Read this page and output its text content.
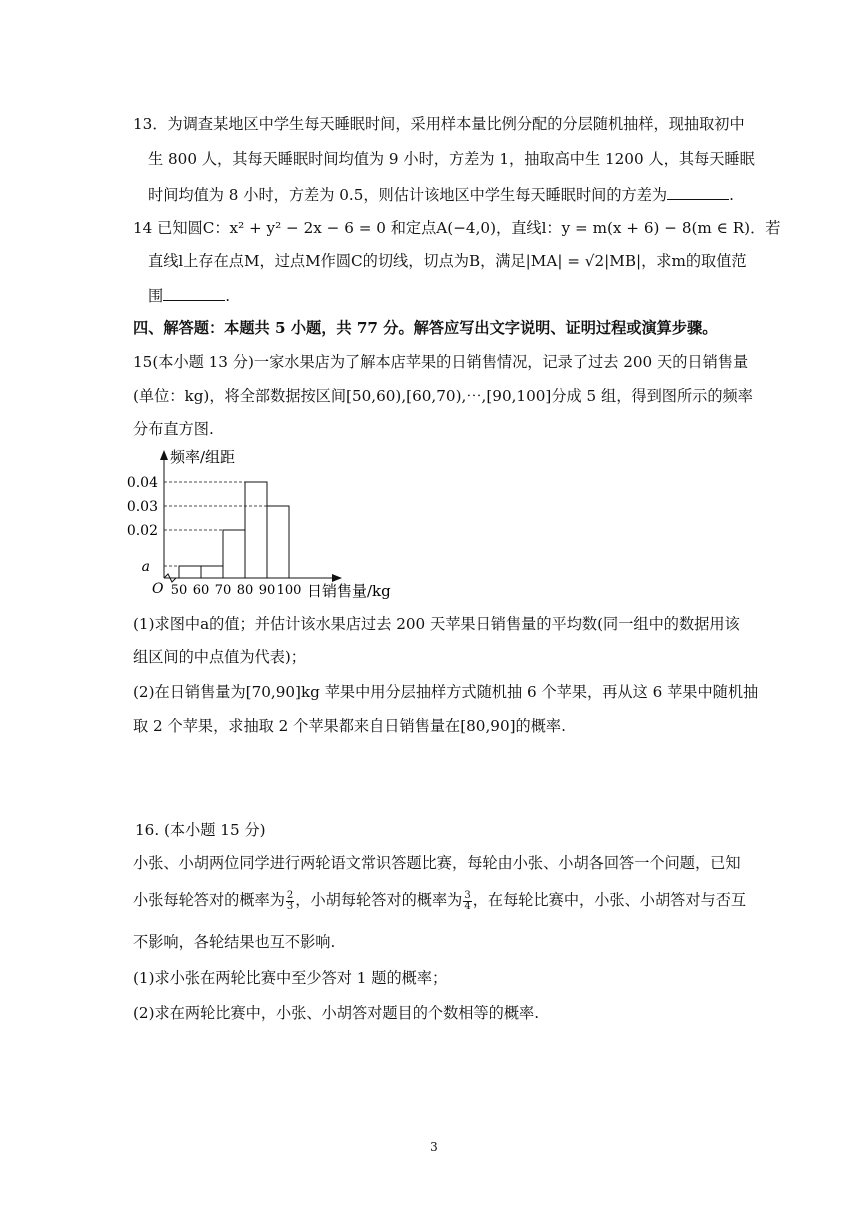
13．为调查某地区中学生每天睡眠时间，采用样本量比例分配的分层随机抽样，现抽取初中
生 800 人，其每天睡眠时间均值为 9 小时，方差为 1，抽取高中生 1200 人，其每天睡眠
时间均值为 8 小时，方差为 0.5，则估计该地区中学生每天睡眠时间的方差为	.
14 已知圆C：x² + y² − 2x − 6 = 0 和定点A(−4,0)，直线l：y = m(x + 6) − 8(m ∈ R)．若
直线l上存在点M，过点M作圆C的切线，切点为B，满足|MA| = √2|MB|，求m的取值范
围	.
四、解答题：本题共 5 小题，共 77 分。解答应写出文字说明、证明过程或演算步骤。
15(本小题 13 分)一家水果店为了解本店苹果的日销售情况，记录了过去 200 天的日销售量
(单位：kg)，将全部数据按区间[50,60),[60,70),⋯,[90,100]分成 5 组，得到图所示的频率
分布直方图.
a
0.02
0.03
0.04
50 60 70 80 90 100
O
频率/组距
日销售量/kg
(1)求图中a的值；并估计该水果店过去 200 天苹果日销售量的平均数(同一组中的数据用该
组区间的中点值为代表)；
(2)在日销售量为[70,90]kg 苹果中用分层抽样方式随机抽 6 个苹果，再从这 6 苹果中随机抽
取 2 个苹果，求抽取 2 个苹果都来自日销售量在[80,90]的概率.
16. (本小题 15 分)
小张、小胡两位同学进行两轮语文常识答题比赛，每轮由小张、小胡各回答一个问题，已知
小张每轮答对的概率为 $\frac{2}{3}$ ，小胡每轮答对的概率为 $\frac{3}{4}$ ，在每轮比赛中，小张、小胡答对与否互
不影响，各轮结果也互不影响.
(1)求小张在两轮比赛中至少答对 1 题的概率；
(2)求在两轮比赛中，小张、小胡答对题目的个数相等的概率.
3
